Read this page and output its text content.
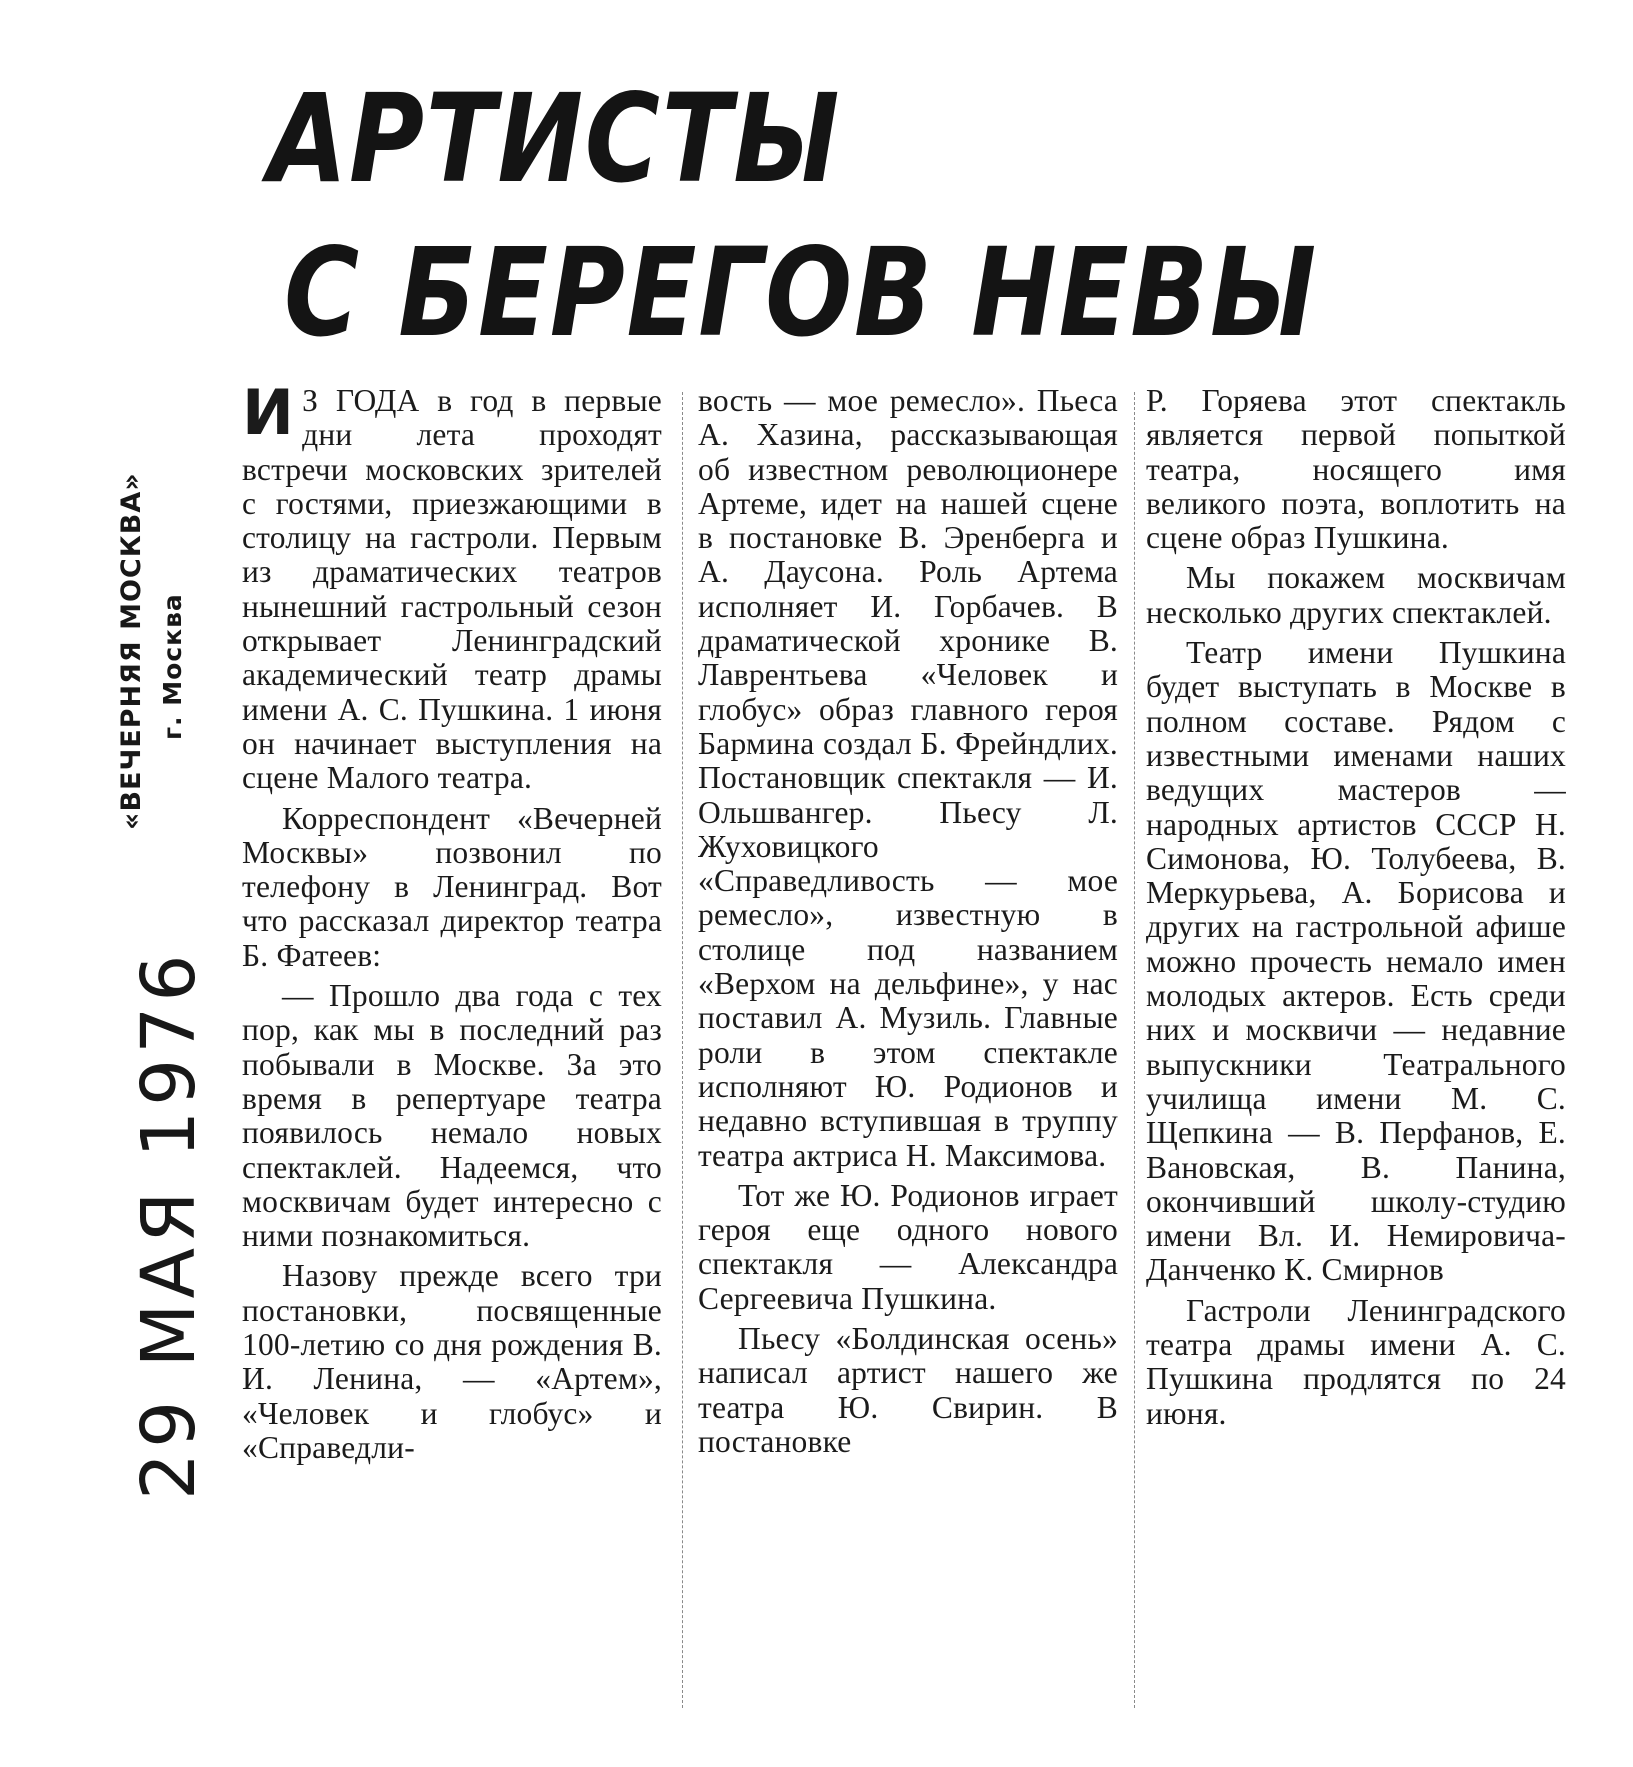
АРТИСТЫ
С БЕРЕГОВ НЕВЫ
«ВЕЧЕРНЯЯ МОСКВА» г. Москва
29 МАЯ 1976

И З ГОДА в год в первые дни лета проходят встречи московских зрителей с гостями, приезжающими в столицу на гастроли. Первым из драматических театров нынешний гастрольный сезон открывает Ленинградский академический театр драмы имени А. С. Пушкина. 1 июня он начинает выступления на сцене Малого театра.

Корреспондент «Вечерней Москвы» позвонил по телефону в Ленинград. Вот что рассказал директор театра Б. Фатеев:

— Прошло два года с тех пор, как мы в последний раз побывали в Москве. За это время в репертуаре театра появилось немало новых спектаклей. Надеемся, что москвичам будет интересно с ними познакомиться.

Назову прежде всего три постановки, посвященные 100-летию со дня рождения В. И. Ленина, — «Артем», «Человек и глобус» и «Справедли-

вость — мое ремесло». Пьеса А. Хазина, рассказывающая об известном революционере Артеме, идет на нашей сцене в постановке В. Эренберга и А. Даусона. Роль Артема исполняет И. Горбачев. В драматической хронике В. Лаврентьева «Человек и глобус» образ главного героя Бармина создал Б. Фрейндлих. Постановщик спектакля — И. Ольшвангер. Пьесу Л. Жуховицкого «Справедливость — мое ремесло», известную в столице под названием «Верхом на дельфине», у нас поставил А. Музиль. Главные роли в этом спектакле исполняют Ю. Родионов и недавно вступившая в труппу театра актриса Н. Максимова.

Тот же Ю. Родионов играет героя еще одного нового спектакля — Александра Сергеевича Пушкина.

Пьесу «Болдинская осень» написал артист нашего же театра Ю. Свирин. В постановке

Р. Горяева этот спектакль является первой попыткой театра, носящего имя великого поэта, воплотить на сцене образ Пушкина.

Мы покажем москвичам несколько других спектаклей.

Театр имени Пушкина будет выступать в Москве в полном составе. Рядом с известными именами наших ведущих мастеров — народных артистов СССР Н. Симонова, Ю. Толубеева, В. Меркурьева, А. Борисова и других на гастрольной афише можно прочесть немало имен молодых актеров. Есть среди них и москвичи — недавние выпускники Театрального училища имени М. С. Щепкина — В. Перфанов, Е. Вановская, В. Панина, окончивший школу-студию имени Вл. И. Немировича-Данченко К. Смирнов

Гастроли Ленинградского театра драмы имени А. С. Пушкина продлятся по 24 июня.
